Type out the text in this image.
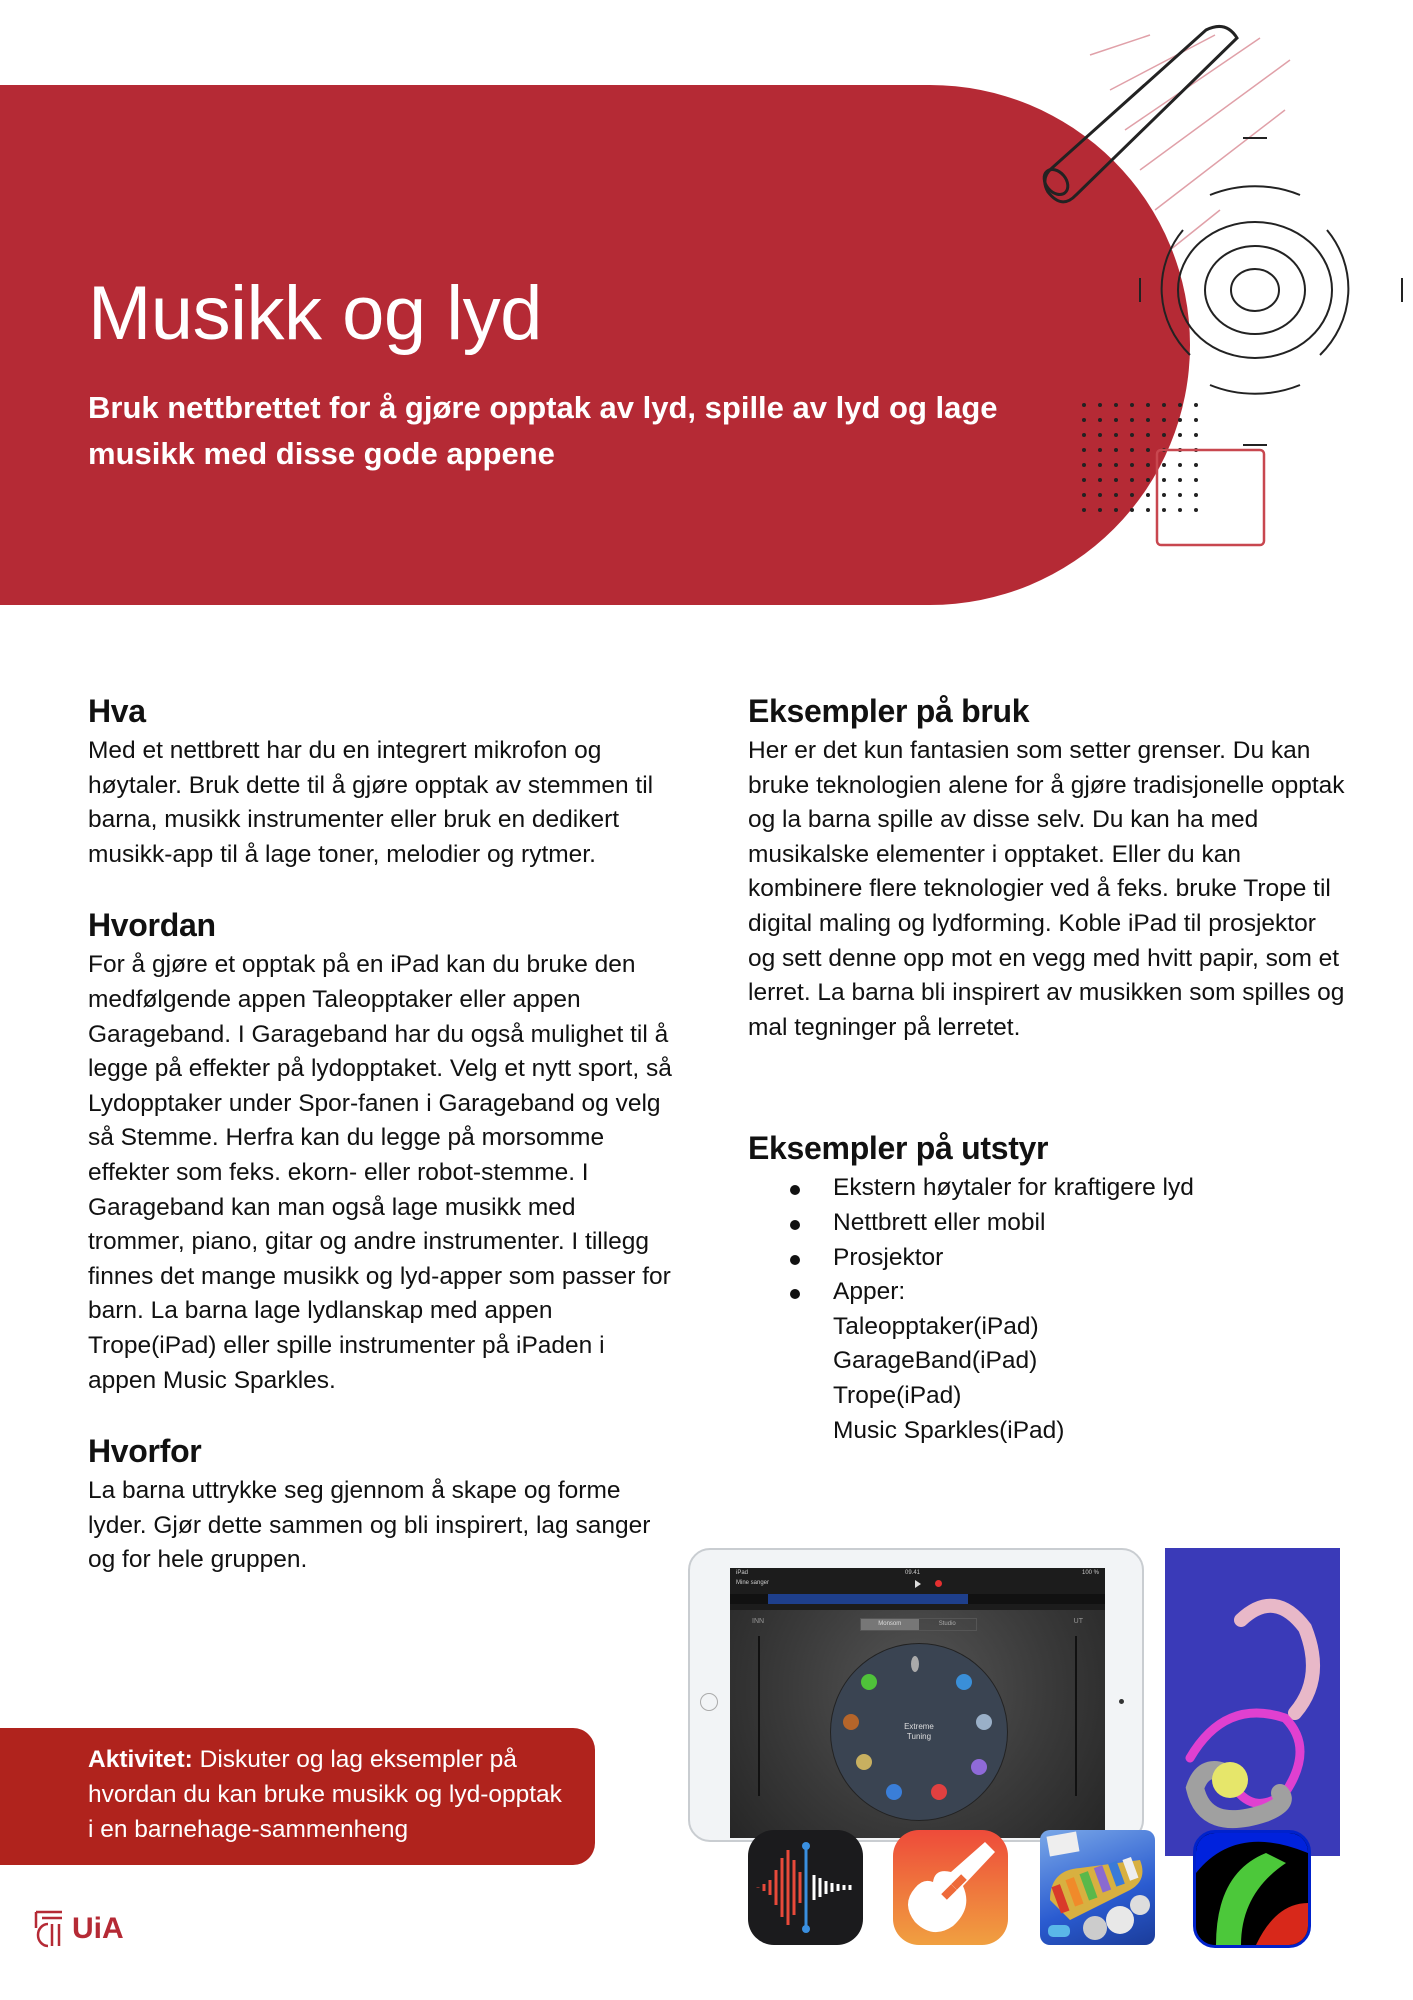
Musikk og lyd

Bruk nettbrettet for å gjøre opptak av lyd, spille av lyd og lage musikk med disse gode appene

Hva

Med et nettbrett har du en integrert mikrofon og høytaler. Bruk dette til å gjøre opptak av stemmen til barna, musikk instrumenter eller bruk en dedikert musikk-app til å lage toner, melodier og rytmer.

Hvordan

For å gjøre et opptak på en iPad kan du bruke den medfølgende appen Taleopptaker eller appen Garageband. I Garageband har du også mulighet til å legge på effekter på lydopptaket. Velg et nytt sport, så Lydopptaker under Spor-fanen i Garageband og velg så Stemme. Herfra kan du legge på morsomme effekter som feks. ekorn- eller robot-stemme. I Garageband kan man også lage musikk med trommer, piano, gitar og andre instrumenter. I tillegg finnes det mange musikk og lyd-apper som passer for barn. La barna lage lydlanskap med appen Trope(iPad) eller spille instrumenter på iPaden i appen Music Sparkles.

Hvorfor

La barna uttrykke seg gjennom å skape og forme lyder. Gjør dette sammen og bli inspirert, lag sanger og for hele gruppen.

Eksempler på bruk

Her er det kun fantasien som setter grenser. Du kan bruke teknologien alene for å gjøre tradisjonelle opptak og la barna spille av disse selv. Du kan ha med musikalske elementer i opptaket. Eller du kan kombinere flere teknologier ved å feks. bruke Trope til digital maling og lydforming. Koble iPad til prosjektor og sett denne opp mot en vegg med hvitt papir, som et lerret. La barna bli inspirert av musikken som spilles og mal tegninger på lerretet.

Eksempler på utstyr
Ekstern høytaler for kraftigere lyd
Nettbrett eller mobil
Prosjektor
Apper:
Taleopptaker(iPad)
GarageBand(iPad)
Trope(iPad)
Music Sparkles(iPad)

Aktivitet: Diskuter og lag eksempler på hvordan du kan bruke musikk og lyd-opptak i en barnehage-sammenheng

UiA
iPad	09.41	100 %
Mine sanger
INN	UT
Monsom	Studio
Extreme
Tuning
